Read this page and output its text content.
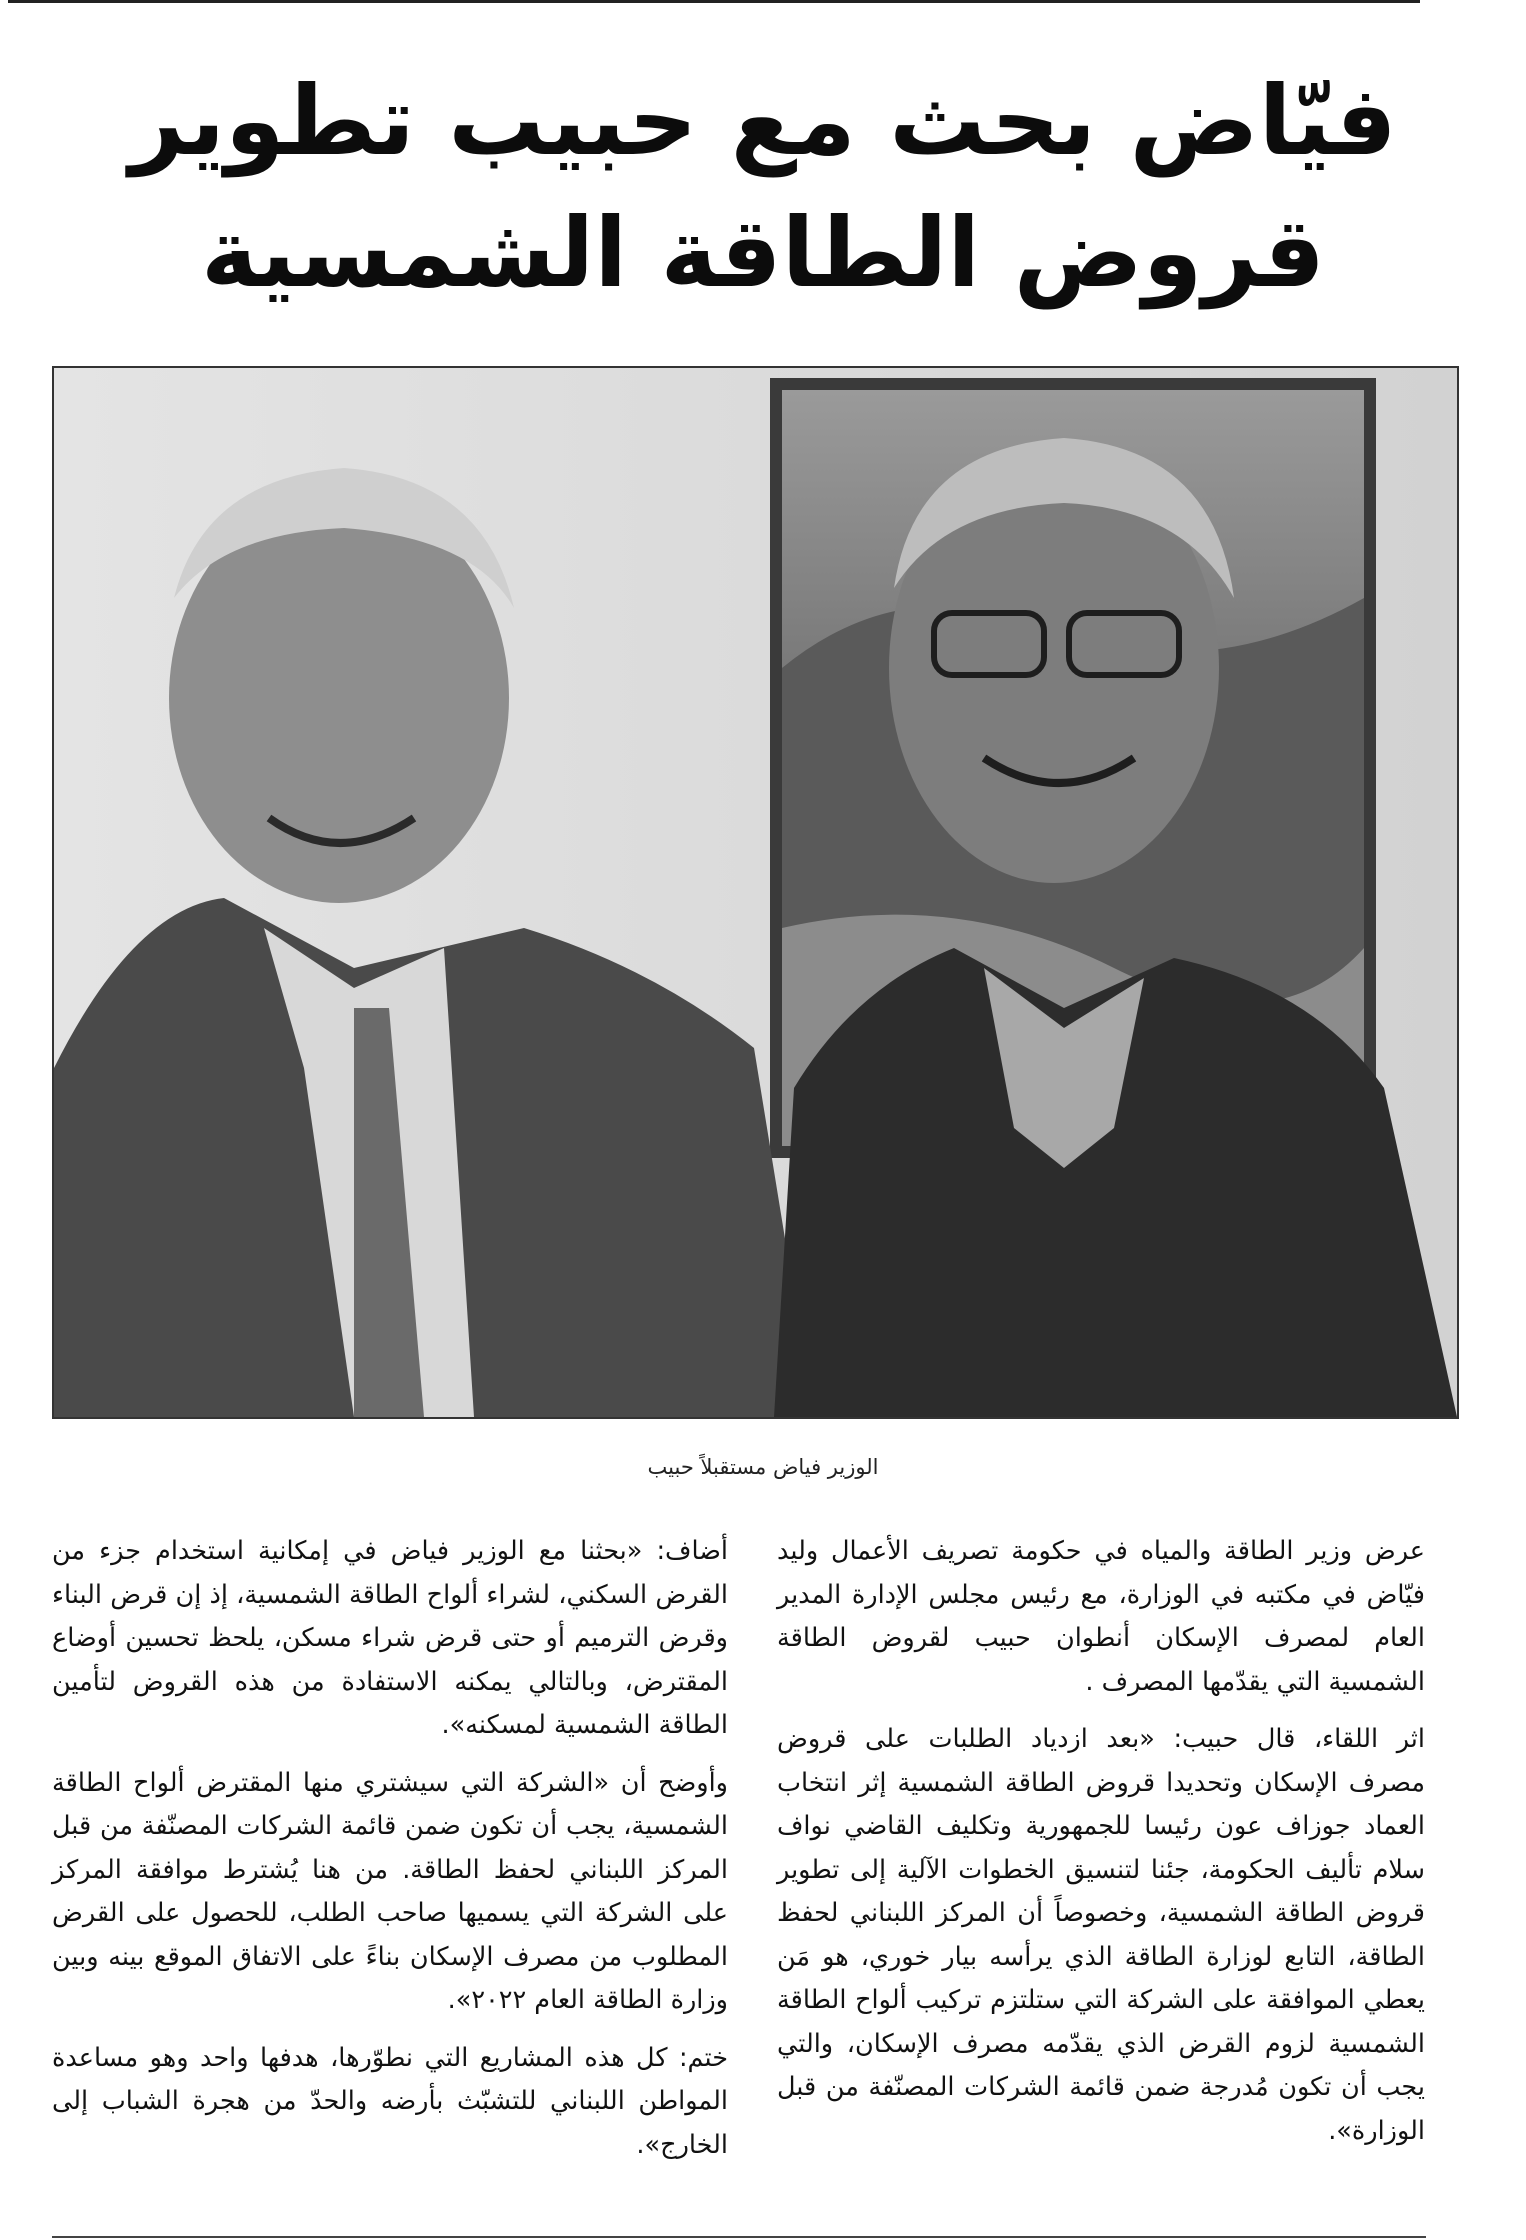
فيّاض بحث مع حبيب تطوير
قروض الطاقة الشمسية
الوزير فياض مستقبلاً حبيب

عرض وزير الطاقة والمياه في حكومة تصريف الأعمال وليد فيّاض في مكتبه في الوزارة، مع رئيس مجلس الإدارة المدير العام لمصرف الإسكان أنطوان حبيب لقروض الطاقة الشمسية التي يقدّمها المصرف .

اثر اللقاء، قال حبيب: «بعد ازدياد الطلبات على قروض مصرف الإسكان وتحديدا قروض الطاقة الشمسية إثر انتخاب العماد جوزاف عون رئيسا للجمهورية وتكليف القاضي نواف سلام تأليف الحكومة، جئنا لتنسيق الخطوات الآلية إلى تطوير قروض الطاقة الشمسية، وخصوصاً أن المركز اللبناني لحفظ الطاقة، التابع لوزارة الطاقة الذي يرأسه بيار خوري، هو مَن يعطي الموافقة على الشركة التي ستلتزم تركيب ألواح الطاقة الشمسية لزوم القرض الذي يقدّمه مصرف الإسكان، والتي يجب أن تكون مُدرجة ضمن قائمة الشركات المصنّفة من قبل الوزارة».

أضاف: «بحثنا مع الوزير فياض في إمكانية استخدام جزء من القرض السكني، لشراء ألواح الطاقة الشمسية، إذ إن قرض البناء وقرض الترميم أو حتى قرض شراء مسكن، يلحظ تحسين أوضاع المقترض، وبالتالي يمكنه الاستفادة من هذه القروض لتأمين الطاقة الشمسية لمسكنه».

وأوضح أن «الشركة التي سيشتري منها المقترض ألواح الطاقة الشمسية، يجب أن تكون ضمن قائمة الشركات المصنّفة من قبل المركز اللبناني لحفظ الطاقة. من هنا يُشترط موافقة المركز على الشركة التي يسميها صاحب الطلب، للحصول على القرض المطلوب من مصرف الإسكان بناءً على الاتفاق الموقع بينه وبين وزارة الطاقة العام ٢٠٢٢».

ختم: كل هذه المشاريع التي نطوّرها، هدفها واحد وهو مساعدة المواطن اللبناني للتشبّث بأرضه والحدّ من هجرة الشباب إلى الخارج».
